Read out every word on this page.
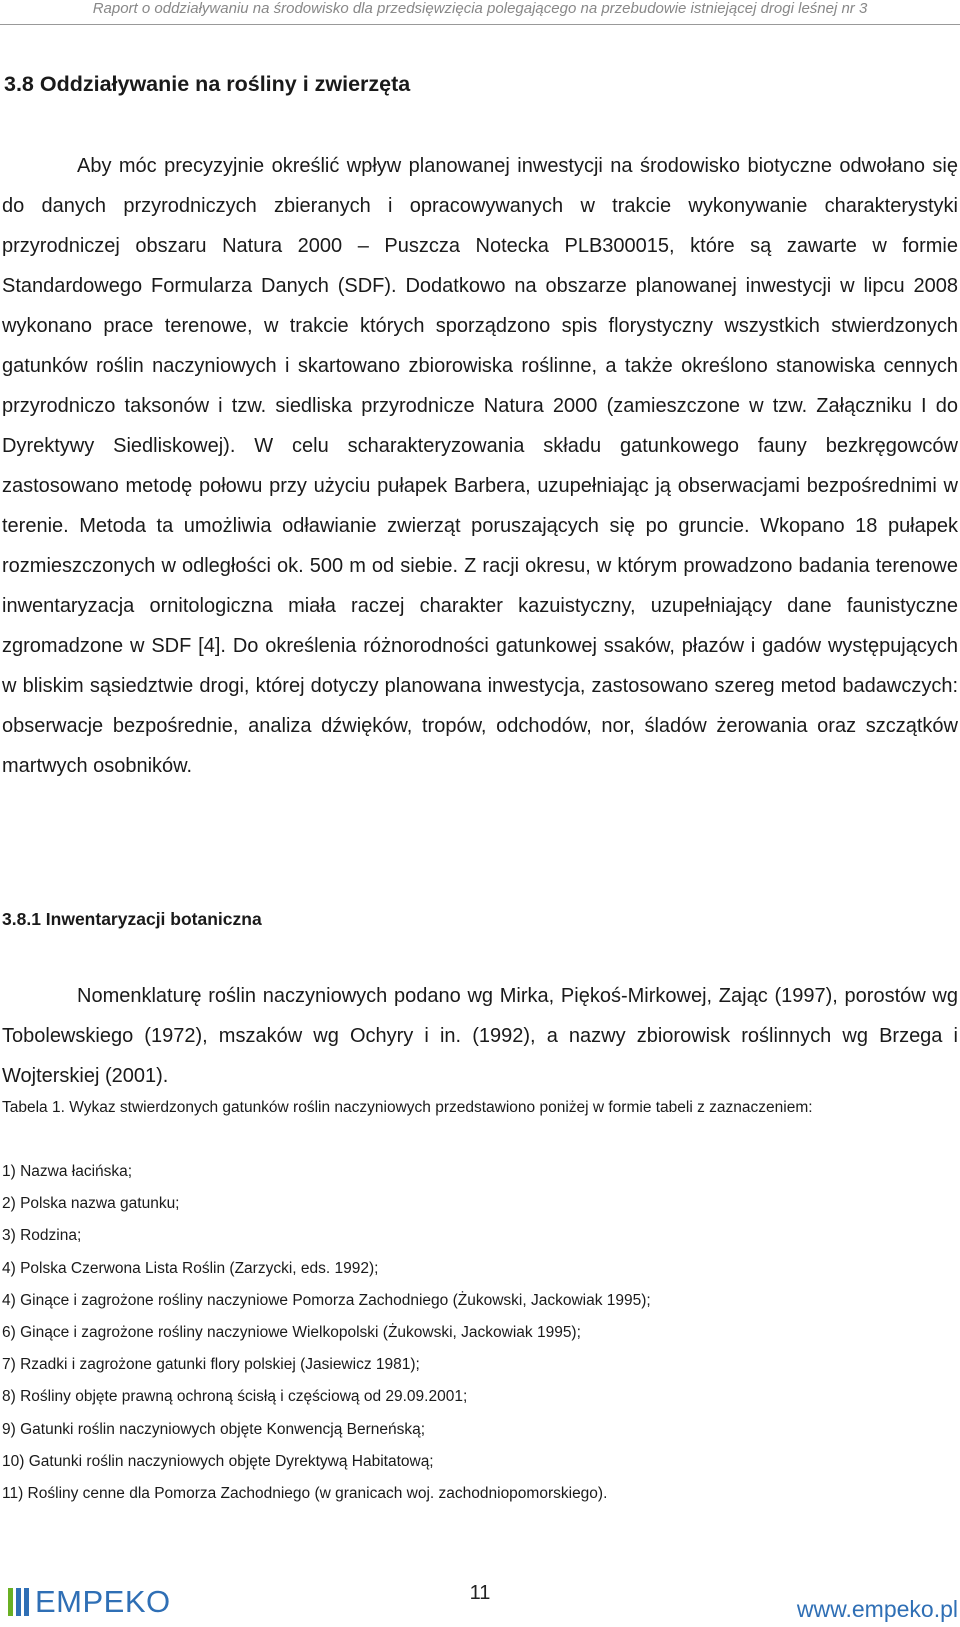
Raport o oddziaływaniu na środowisko dla przedsięwzięcia polegającego na przebudowie istniejącej drogi leśnej nr 3
3.8 Oddziaływanie na rośliny i zwierzęta

Aby móc precyzyjnie określić wpływ planowanej inwestycji na środowisko biotyczne odwołano się do danych przyrodniczych zbieranych i opracowywanych w trakcie wykonywanie charakterystyki przyrodniczej obszaru Natura 2000 – Puszcza Notecka PLB300015, które są zawarte w formie Standardowego Formularza Danych (SDF). Dodatkowo na obszarze planowanej inwestycji w lipcu 2008 wykonano prace terenowe, w trakcie których sporządzono spis florystyczny wszystkich stwierdzonych gatunków roślin naczyniowych i skartowano zbiorowiska roślinne, a także określono stanowiska cennych przyrodniczo taksonów i tzw. siedliska przyrodnicze Natura 2000 (zamieszczone w tzw. Załączniku I do Dyrektywy Siedliskowej). W celu scharakteryzowania składu gatunkowego fauny bezkręgowców zastosowano metodę połowu przy użyciu pułapek Barbera, uzupełniając ją obserwacjami bezpośrednimi w terenie. Metoda ta umożliwia odławianie zwierząt poruszających się po gruncie. Wkopano 18 pułapek rozmieszczonych w odległości ok. 500 m od siebie. Z racji okresu, w którym prowadzono badania terenowe inwentaryzacja ornitologiczna miała raczej charakter kazuistyczny, uzupełniający dane faunistyczne zgromadzone w SDF [4]. Do określenia różnorodności gatunkowej ssaków, płazów i gadów występujących w bliskim sąsiedztwie drogi, której dotyczy planowana inwestycja, zastosowano szereg metod badawczych: obserwacje bezpośrednie, analiza dźwięków, tropów, odchodów, nor, śladów żerowania oraz szczątków martwych osobników.

3.8.1 Inwentaryzacji botaniczna

Nomenklaturę roślin naczyniowych podano wg Mirka, Piękoś-Mirkowej, Zając (1997), porostów wg Tobolewskiego (1972), mszaków wg Ochyry i in. (1992), a nazwy zbiorowisk roślinnych wg Brzega i Wojterskiej (2001).

Tabela 1. Wykaz stwierdzonych gatunków roślin naczyniowych przedstawiono poniżej w formie tabeli z zaznaczeniem:

1) Nazwa łacińska;
2) Polska nazwa gatunku;
3) Rodzina;
4) Polska Czerwona Lista Roślin (Zarzycki, eds. 1992);
4) Ginące i zagrożone rośliny naczyniowe Pomorza Zachodniego (Żukowski, Jackowiak 1995);
6) Ginące i zagrożone rośliny naczyniowe Wielkopolski (Żukowski, Jackowiak 1995);
7) Rzadki i zagrożone gatunki flory polskiej (Jasiewicz 1981);
8) Rośliny objęte prawną ochroną ścisłą i częściową od 29.09.2001;
9) Gatunki roślin naczyniowych objęte Konwencją Berneńską;
10) Gatunki roślin naczyniowych objęte Dyrektywą Habitatową;
11) Rośliny cenne dla Pomorza Zachodniego (w granicach woj. zachodniopomorskiego).
EMPEKO	11
www.empeko.pl
